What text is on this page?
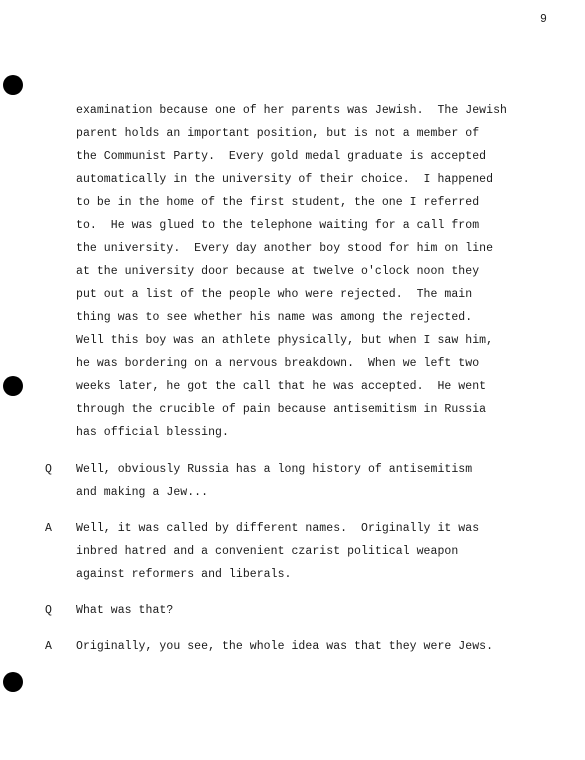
9
examination because one of her parents was Jewish.  The Jewish
parent holds an important position, but is not a member of
the Communist Party.  Every gold medal graduate is accepted
automatically in the university of their choice.  I happened
to be in the home of the first student, the one I referred
to.  He was glued to the telephone waiting for a call from
the university.  Every day another boy stood for him on line
at the university door because at twelve o'clock noon they
put out a list of the people who were rejected.  The main
thing was to see whether his name was among the rejected.
Well this boy was an athlete physically, but when I saw him,
he was bordering on a nervous breakdown.  When we left two
weeks later, he got the call that he was accepted.  He went
through the crucible of pain because antisemitism in Russia
has official blessing.
Q Well, obviously Russia has a long history of antisemitism
and making a Jew...
A Well, it was called by different names.  Originally it was
inbred hatred and a convenient czarist political weapon
against reformers and liberals.
Q What was that?
A Originally, you see, the whole idea was that they were Jews.
